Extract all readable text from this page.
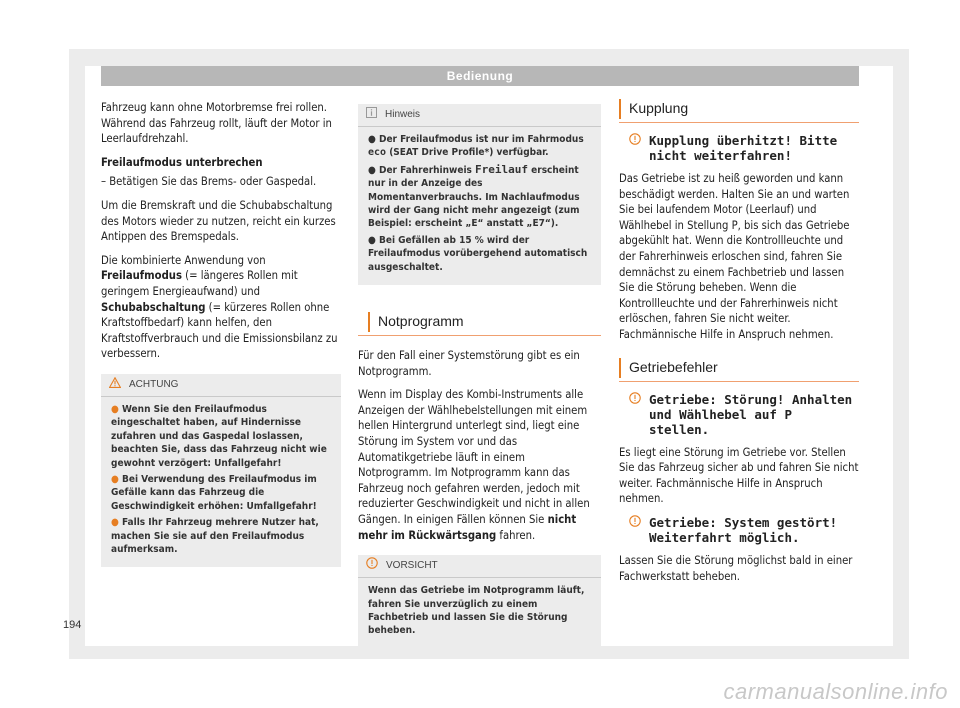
Bedienung

Fahrzeug kann ohne Motorbremse frei rollen. Während das Fahrzeug rollt, läuft der Motor in Leerlaufdrehzahl.

Freilaufmodus unterbrechen

– Betätigen Sie das Brems- oder Gaspedal.

Um die Bremskraft und die Schubabschaltung des Motors wieder zu nutzen, reicht ein kurzes Antippen des Bremspedals.

Die kombinierte Anwendung von Freilaufmodus (= längeres Rollen mit geringem Energieaufwand) und Schubabschaltung (= kürzeres Rollen ohne Kraftstoffbedarf) kann helfen, den Kraftstoffverbrauch und die Emissionsbilanz zu verbessern.

ACHTUNG
● Wenn Sie den Freilaufmodus eingeschaltet haben, auf Hindernisse zufahren und das Gaspedal loslassen, beachten Sie, dass das Fahrzeug nicht wie gewohnt verzögert: Unfallgefahr!
● Bei Verwendung des Freilaufmodus im Gefälle kann das Fahrzeug die Geschwindigkeit erhöhen: Umfallgefahr!
● Falls Ihr Fahrzeug mehrere Nutzer hat, machen Sie sie auf den Freilaufmodus aufmerksam.
Hinweis
● Der Freilaufmodus ist nur im Fahrmodus eco (SEAT Drive Profile*) verfügbar.
● Der Fahrerhinweis Freilauf erscheint nur in der Anzeige des Momentanverbrauchs. Im Nachlaufmodus wird der Gang nicht mehr angezeigt (zum Beispiel: erscheint „E“ anstatt „E7“).
● Bei Gefällen ab 15 % wird der Freilaufmodus vorübergehend automatisch ausgeschaltet.
Notprogramm

Für den Fall einer Systemstörung gibt es ein Notprogramm.

Wenn im Display des Kombi-Instruments alle Anzeigen der Wählhebelstellungen mit einem hellen Hintergrund unterlegt sind, liegt eine Störung im System vor und das Automatikgetriebe läuft in einem Notprogramm. Im Notprogramm kann das Fahrzeug noch gefahren werden, jedoch mit reduzierter Geschwindigkeit und nicht in allen Gängen. In einigen Fällen können Sie nicht mehr im Rückwärtsgang fahren.

VORSICHT
Wenn das Getriebe im Notprogramm läuft, fahren Sie unverzüglich zu einem Fachbetrieb und lassen Sie die Störung beheben.
Kupplung
Kupplung überhitzt! Bitte nicht weiterfahren!

Das Getriebe ist zu heiß geworden und kann beschädigt werden. Halten Sie an und warten Sie bei laufendem Motor (Leerlauf) und Wählhebel in Stellung P, bis sich das Getriebe abgekühlt hat. Wenn die Kontrollleuchte und der Fahrerhinweis erloschen sind, fahren Sie demnächst zu einem Fachbetrieb und lassen Sie die Störung beheben. Wenn die Kontrollleuchte und der Fahrerhinweis nicht erlöschen, fahren Sie nicht weiter. Fachmännische Hilfe in Anspruch nehmen.

Getriebefehler
Getriebe: Störung! Anhalten und Wählhebel auf P stellen.

Es liegt eine Störung im Getriebe vor. Stellen Sie das Fahrzeug sicher ab und fahren Sie nicht weiter. Fachmännische Hilfe in Anspruch nehmen.

Getriebe: System gestört! Weiterfahrt möglich.

Lassen Sie die Störung möglichst bald in einer Fachwerkstatt beheben.

194
carmanualsonline.info
